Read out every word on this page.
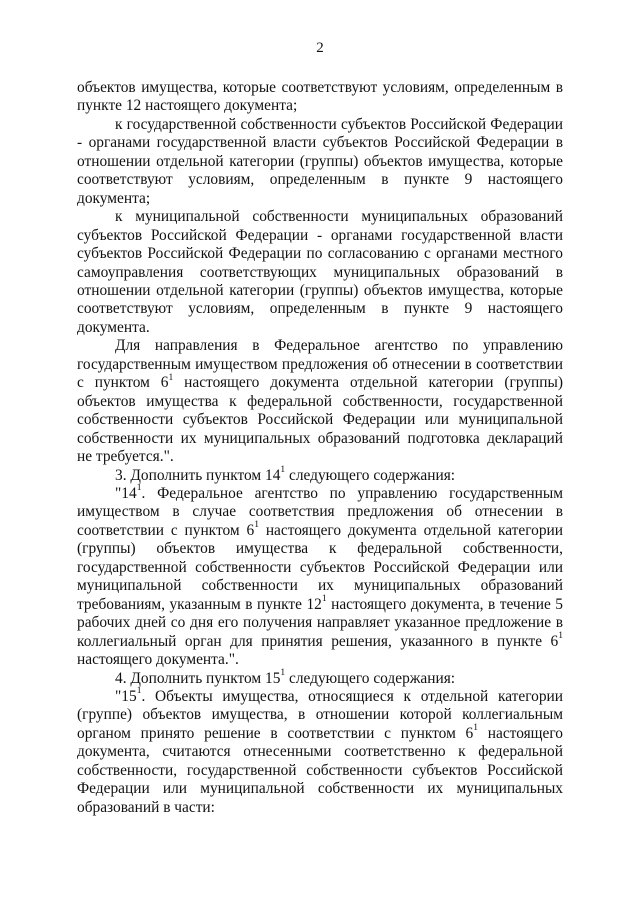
2

объектов имущества, которые соответствуют условиям, определенным в пункте 12 настоящего документа;

к государственной собственности субъектов Российской Федерации - органами государственной власти субъектов Российской Федерации в отношении отдельной категории (группы) объектов имущества, которые соответствуют условиям, определенным в пункте 9 настоящего документа;

к муниципальной собственности муниципальных образований субъектов Российской Федерации - органами государственной власти субъектов Российской Федерации по согласованию с органами местного самоуправления соответствующих муниципальных образований в отношении отдельной категории (группы) объектов имущества, которые соответствуют условиям, определенным в пункте 9 настоящего документа.

Для направления в Федеральное агентство по управлению государственным имуществом предложения об отнесении в соответствии с пунктом $6^1$ настоящего документа отдельной категории (группы) объектов имущества к федеральной собственности, государственной собственности субъектов Российской Федерации или муниципальной собственности их муниципальных образований подготовка деклараций не требуется.".

3. Дополнить пунктом $14^1$ следующего содержания:

"$14^1$. Федеральное агентство по управлению государственным имуществом в случае соответствия предложения об отнесении в соответствии с пунктом $6^1$ настоящего документа отдельной категории (группы) объектов имущества к федеральной собственности, государственной собственности субъектов Российской Федерации или муниципальной собственности их муниципальных образований требованиям, указанным в пункте $12^1$ настоящего документа, в течение 5 рабочих дней со дня его получения направляет указанное предложение в коллегиальный орган для принятия решения, указанного в пункте $6^1$ настоящего документа.".

4. Дополнить пунктом $15^1$ следующего содержания:

"$15^1$. Объекты имущества, относящиеся к отдельной категории (группе) объектов имущества, в отношении которой коллегиальным органом принято решение в соответствии с пунктом $6^1$ настоящего документа, считаются отнесенными соответственно к федеральной собственности, государственной собственности субъектов Российской Федерации или муниципальной собственности их муниципальных образований в части:
